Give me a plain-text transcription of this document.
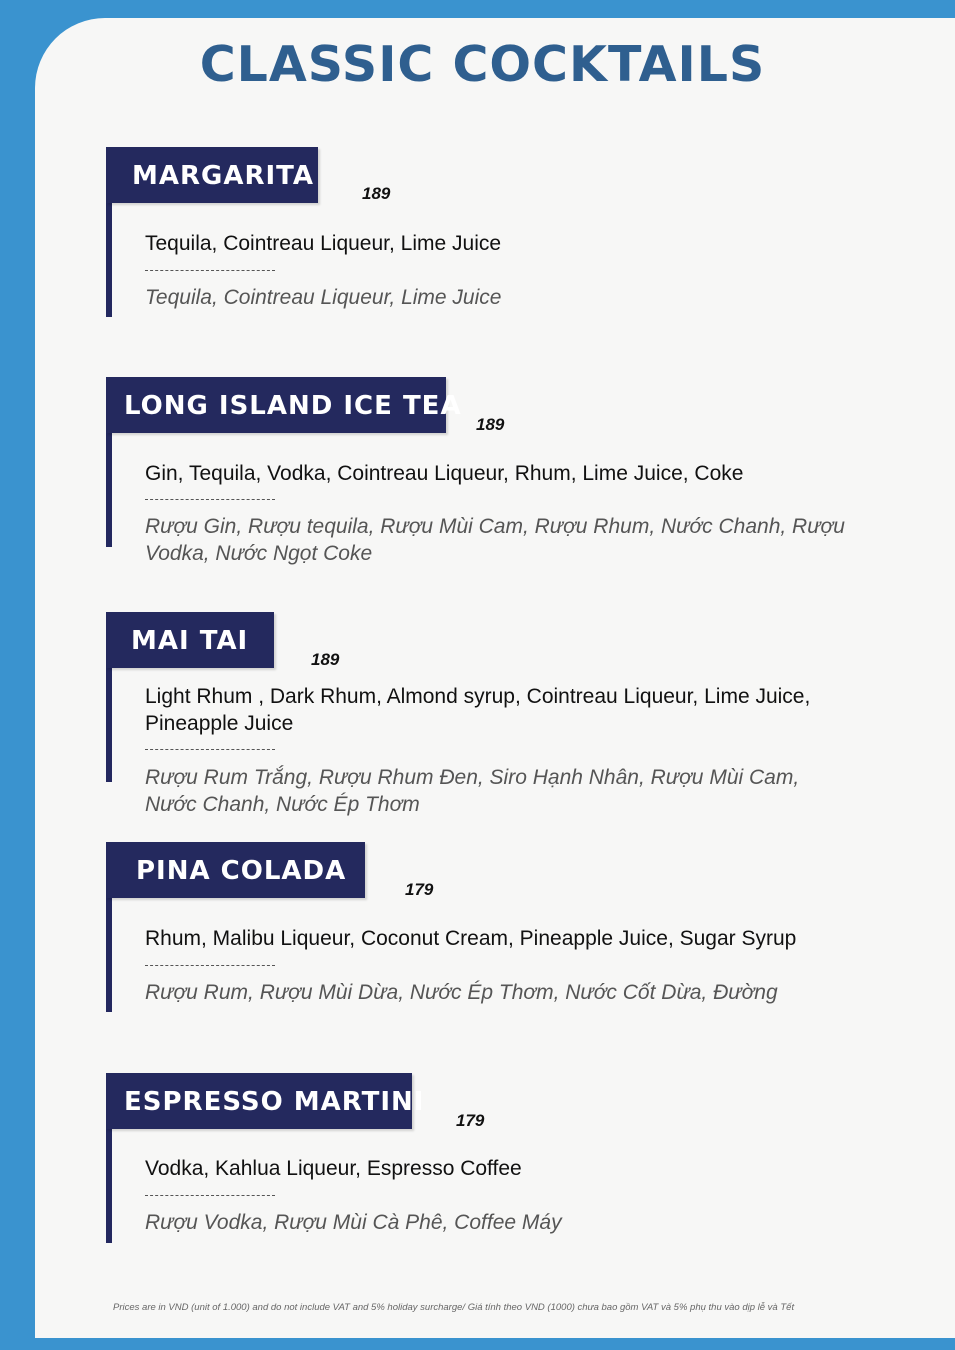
CLASSIC COCKTAILS
MARGARITA
189
Tequila, Cointreau Liqueur, Lime Juice
Tequila, Cointreau Liqueur, Lime Juice
LONG ISLAND ICE TEA
189
Gin, Tequila, Vodka, Cointreau Liqueur, Rhum, Lime Juice, Coke
Rượu Gin, Rượu tequila, Rượu Mùi Cam, Rượu Rhum, Nước Chanh, Rượu Vodka, Nước Ngọt Coke
MAI TAI
189
Light Rhum , Dark Rhum, Almond syrup, Cointreau Liqueur, Lime Juice, Pineapple Juice
Rượu Rum Trắng, Rượu Rhum Đen, Siro Hạnh Nhân, Rượu Mùi Cam, Nước Chanh, Nước Ép Thơm
PINA COLADA
179
Rhum, Malibu Liqueur, Coconut Cream, Pineapple Juice, Sugar Syrup
Rượu Rum, Rượu Mùi Dừa, Nước Ép Thơm, Nước Cốt Dừa, Đường
ESPRESSO MARTINI
179
Vodka, Kahlua Liqueur, Espresso Coffee
Rượu Vodka, Rượu Mùi Cà Phê, Coffee Máy
Prices are in VND (unit of 1.000) and do not include VAT and 5% holiday surcharge/ Giá tính theo VND (1000) chưa bao gồm VAT và 5% phụ thu vào dịp lễ và Tết
